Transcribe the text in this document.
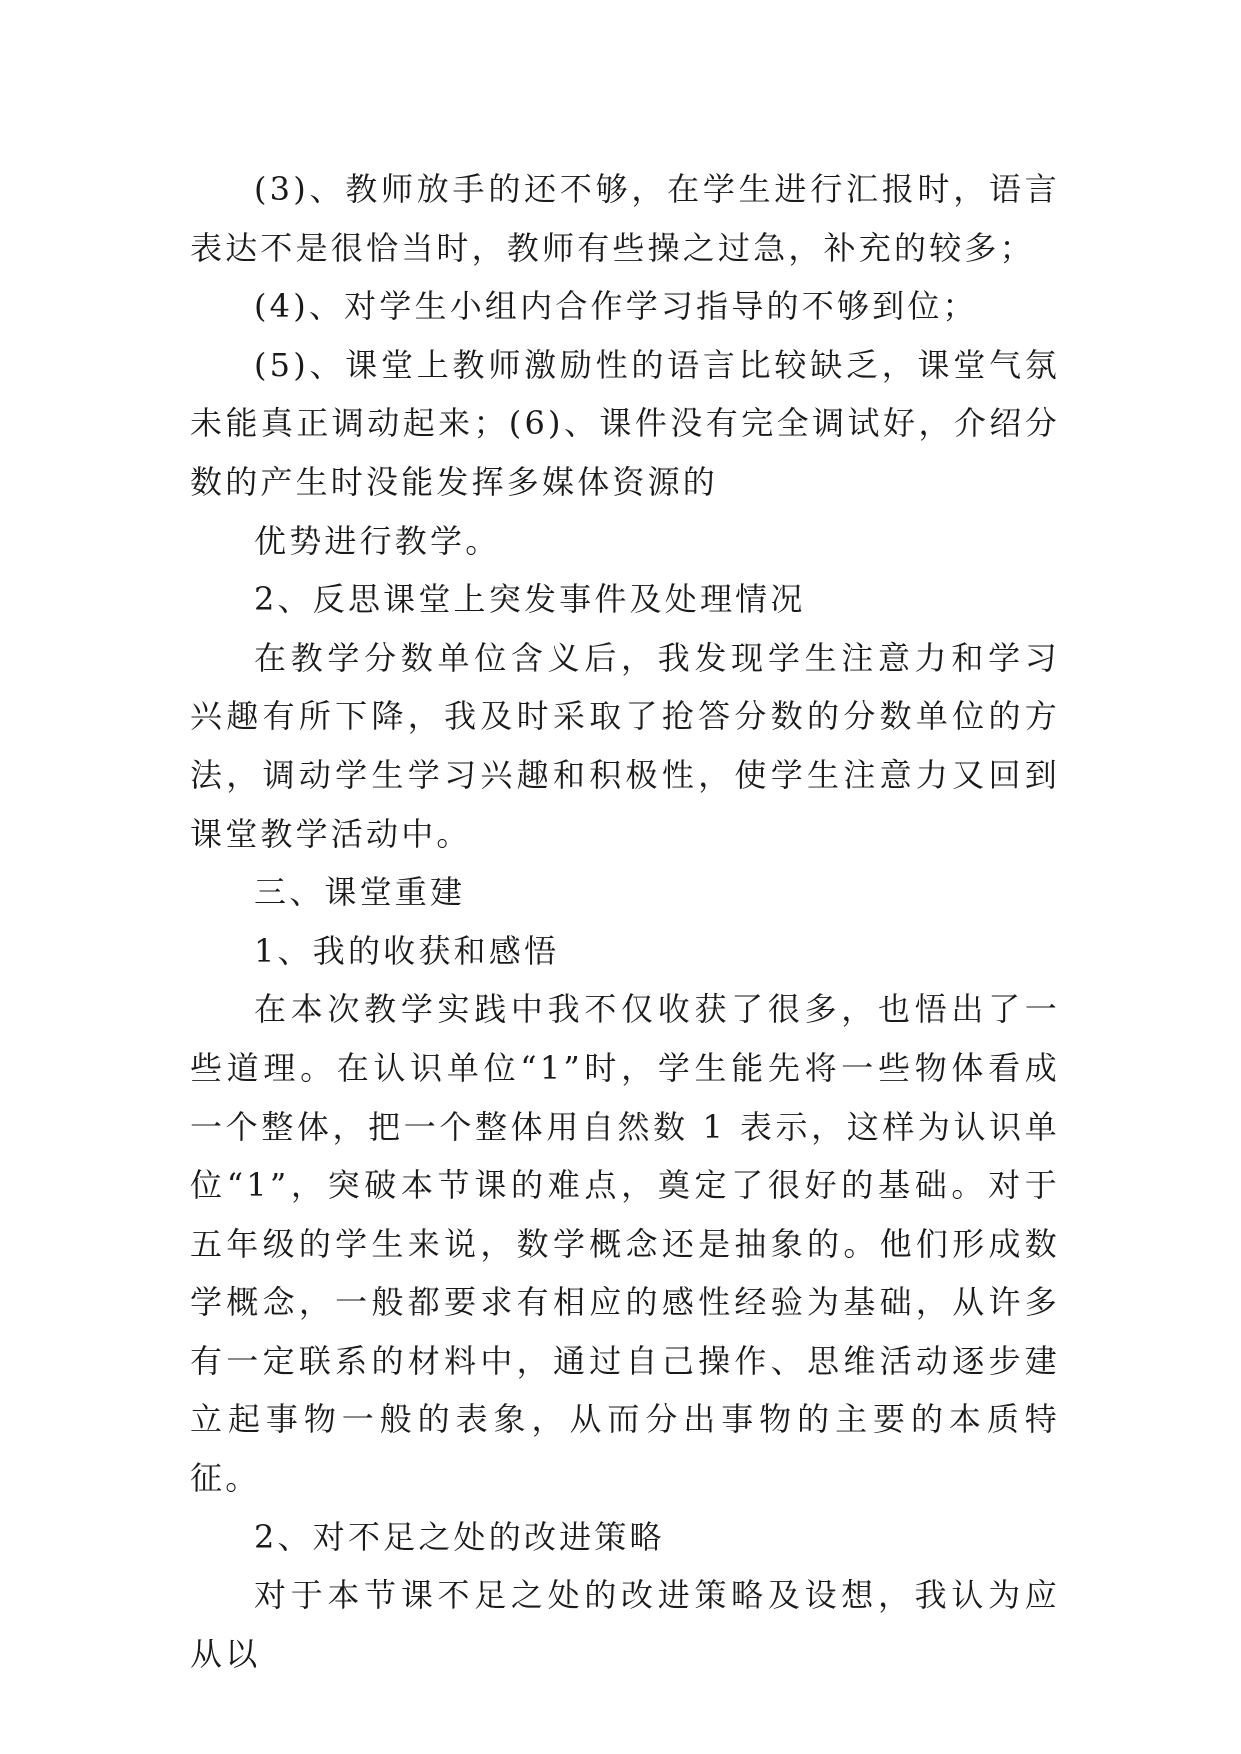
(3)、教师放手的还不够，在学生进行汇报时，语言表达不是很恰当时，教师有些操之过急，补充的较多；

(4)、对学生小组内合作学习指导的不够到位；

(5)、课堂上教师激励性的语言比较缺乏，课堂气氛未能真正调动起来；(6)、课件没有完全调试好，介绍分数的产生时没能发挥多媒体资源的

优势进行教学。

2、反思课堂上突发事件及处理情况

在教学分数单位含义后，我发现学生注意力和学习兴趣有所下降，我及时采取了抢答分数的分数单位的方法，调动学生学习兴趣和积极性，使学生注意力又回到课堂教学活动中。

三、课堂重建

1、我的收获和感悟

在本次教学实践中我不仅收获了很多，也悟出了一些道理。在认识单位“1”时，学生能先将一些物体看成一个整体，把一个整体用自然数 1 表示，这样为认识单位“1”，突破本节课的难点，奠定了很好的基础。对于五年级的学生来说，数学概念还是抽象的。他们形成数学概念，一般都要求有相应的感性经验为基础，从许多有一定联系的材料中，通过自己操作、思维活动逐步建立起事物一般的表象，从而分出事物的主要的本质特征。

2、对不足之处的改进策略

对于本节课不足之处的改进策略及设想，我认为应从以
